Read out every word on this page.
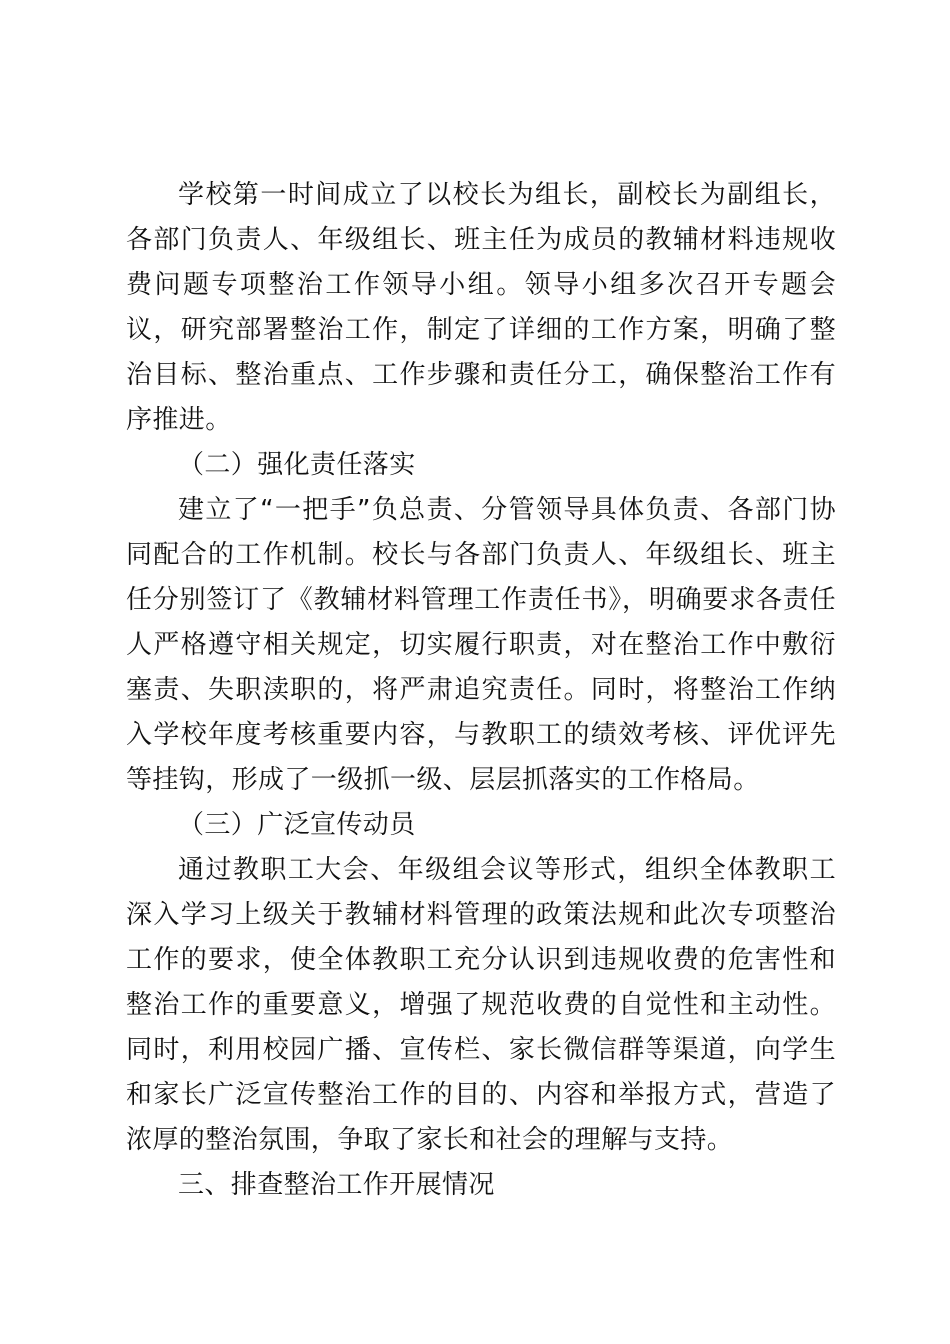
学校第一时间成立了以校长为组长，副校长为副组长，各部门负责人、年级组长、班主任为成员的教辅材料违规收费问题专项整治工作领导小组。领导小组多次召开专题会议，研究部署整治工作，制定了详细的工作方案，明确了整治目标、整治重点、工作步骤和责任分工，确保整治工作有序推进。

（二）强化责任落实

建立了“一把手”负总责、分管领导具体负责、各部门协同配合的工作机制。校长与各部门负责人、年级组长、班主任分别签订了《教辅材料管理工作责任书》，明确要求各责任人严格遵守相关规定，切实履行职责，对在整治工作中敷衍塞责、失职渎职的，将严肃追究责任。同时，将整治工作纳入学校年度考核重要内容，与教职工的绩效考核、评优评先等挂钩，形成了一级抓一级、层层抓落实的工作格局。

（三）广泛宣传动员

通过教职工大会、年级组会议等形式，组织全体教职工深入学习上级关于教辅材料管理的政策法规和此次专项整治工作的要求，使全体教职工充分认识到违规收费的危害性和整治工作的重要意义，增强了规范收费的自觉性和主动性。同时，利用校园广播、宣传栏、家长微信群等渠道，向学生和家长广泛宣传整治工作的目的、内容和举报方式，营造了浓厚的整治氛围，争取了家长和社会的理解与支持。

三、排查整治工作开展情况
